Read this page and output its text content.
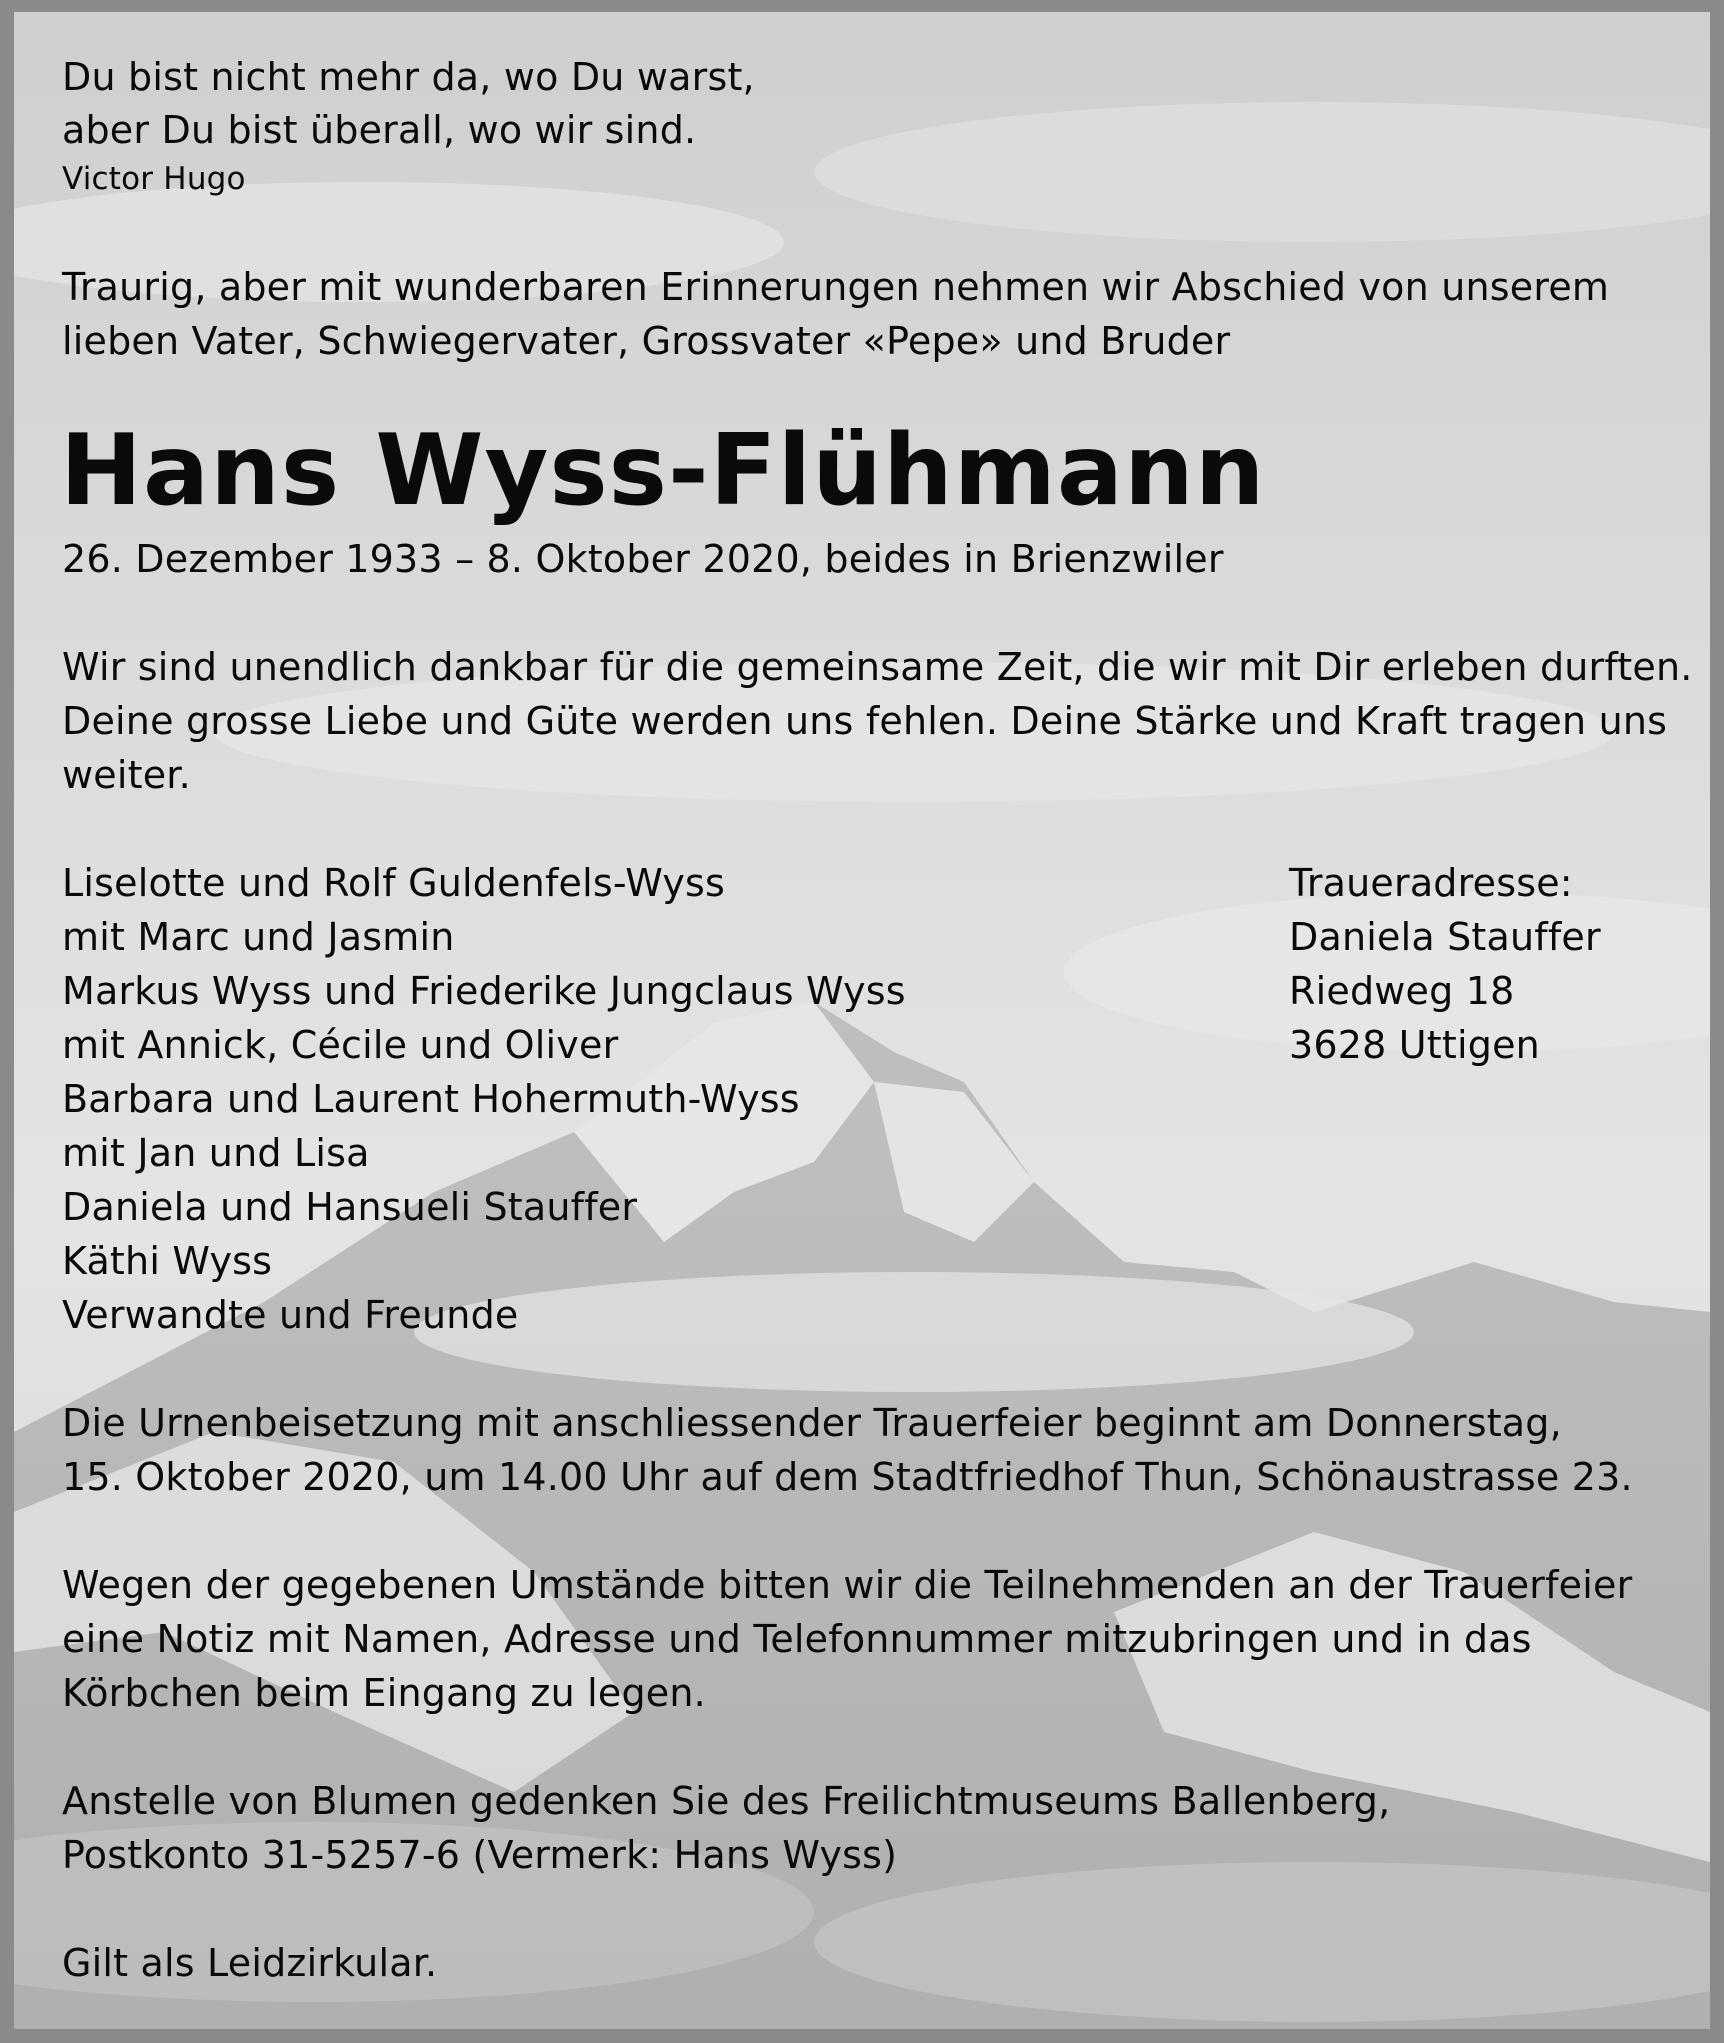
Du bist nicht mehr da, wo Du warst,
aber Du bist überall, wo wir sind.
Victor Hugo
Traurig, aber mit wunderbaren Erinnerungen nehmen wir Abschied von unserem
lieben Vater, Schwiegervater, Grossvater «Pepe» und Bruder
Hans Wyss-Flühmann
26. Dezember 1933 – 8. Oktober 2020, beides in Brienzwiler
Wir sind unendlich dankbar für die gemeinsame Zeit, die wir mit Dir erleben durften.
Deine grosse Liebe und Güte werden uns fehlen. Deine Stärke und Kraft tragen uns
weiter.
Liselotte und Rolf Guldenfels-Wyss
mit Marc und Jasmin
Markus Wyss und Friederike Jungclaus Wyss
mit Annick, Cécile und Oliver
Barbara und Laurent Hohermuth-Wyss
mit Jan und Lisa
Daniela und Hansueli Stauffer
Käthi Wyss
Verwandte und Freunde
Traueradresse:
Daniela Stauffer
Riedweg 18
3628 Uttigen
Die Urnenbeisetzung mit anschliessender Trauerfeier beginnt am Donnerstag,
15. Oktober 2020, um 14.00 Uhr auf dem Stadtfriedhof Thun, Schönaustrasse 23.
Wegen der gegebenen Umstände bitten wir die Teilnehmenden an der Trauerfeier
eine Notiz mit Namen, Adresse und Telefonnummer mitzubringen und in das
Körbchen beim Eingang zu legen.
Anstelle von Blumen gedenken Sie des Freilichtmuseums Ballenberg,
Postkonto 31-5257-6 (Vermerk: Hans Wyss)
Gilt als Leidzirkular.
